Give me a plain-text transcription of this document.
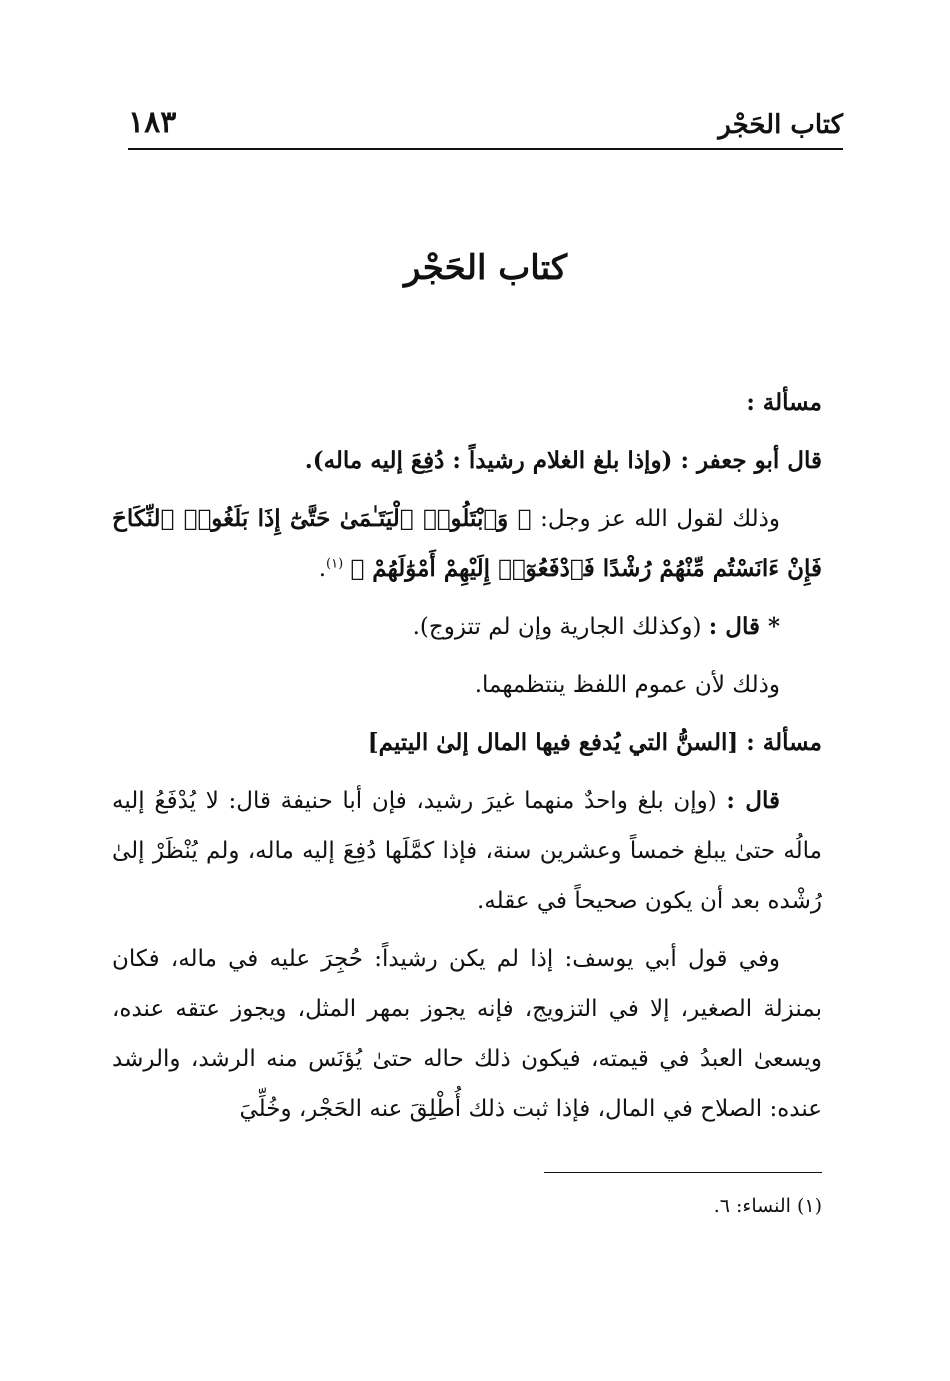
كتاب الحَجْر
١٨٣
كتاب الحَجْر

مسألة :

قال أبو جعفر : (وإذا بلغ الغلام رشيداً : دُفِعَ إليه ماله).

وذلك لقول الله عز وجل: ﴿ وَٱبْتَلُوا۟ ٱلْيَتَـٰمَىٰ حَتَّىٰٓ إِذَا بَلَغُوا۟ ٱلنِّكَاحَ فَإِنْ ءَانَسْتُم مِّنْهُمْ رُشْدًا فَٱدْفَعُوٓا۟ إِلَيْهِمْ أَمْوَٰلَهُمْ ﴾ $^{(١)}$.

* قال : (وكذلك الجارية وإن لم تتزوج).

وذلك لأن عموم اللفظ ينتظمهما.

مسألة : [السنُّ التي يُدفع فيها المال إلىٰ اليتيم]

قال : (وإن بلغ واحدٌ منهما غيرَ رشيد، فإن أبا حنيفة قال: لا يُدْفَعُ إليه مالُه حتىٰ يبلغ خمساً وعشرين سنة، فإذا كمَّلَها دُفِعَ إليه ماله، ولم يُنْظَرْ إلىٰ رُشْده بعد أن يكون صحيحاً في عقله.

وفي قول أبي يوسف: إذا لم يكن رشيداً: حُجِرَ عليه في ماله، فكان بمنزلة الصغير، إلا في التزويج، فإنه يجوز بمهر المثل، ويجوز عتقه عنده، ويسعىٰ العبدُ في قيمته، فيكون ذلك حاله حتىٰ يُؤنَس منه الرشد، والرشد عنده: الصلاح في المال، فإذا ثبت ذلك أُطْلِقَ عنه الحَجْر، وخُلِّيَ

(١) النساء: ٦.
